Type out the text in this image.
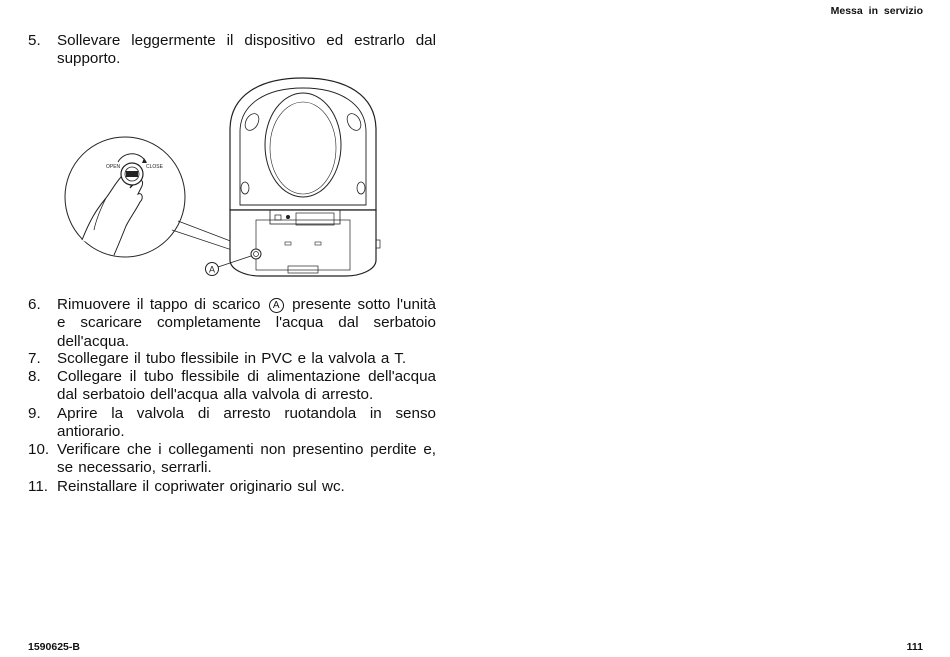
Messa in servizio
5. Sollevare leggermente il dispositivo ed estrarlo dal supporto.
OPEN	CLOSE
A
6. Rimuovere il tappo di scarico A presente sotto l'unità e scaricare completamente l'acqua dal serbatoio dell'acqua.
7. Scollegare il tubo flessibile in PVC e la valvola a T.
8. Collegare il tubo flessibile di alimentazione dell'acqua dal serbatoio dell'acqua alla valvola di arresto.
9. Aprire la valvola di arresto ruotandola in senso antiorario.
10. Verificare che i collegamenti non presentino perdite e, se necessario, serrarli.
11. Reinstallare il copriwater originario sul wc.
1590625-B	111
